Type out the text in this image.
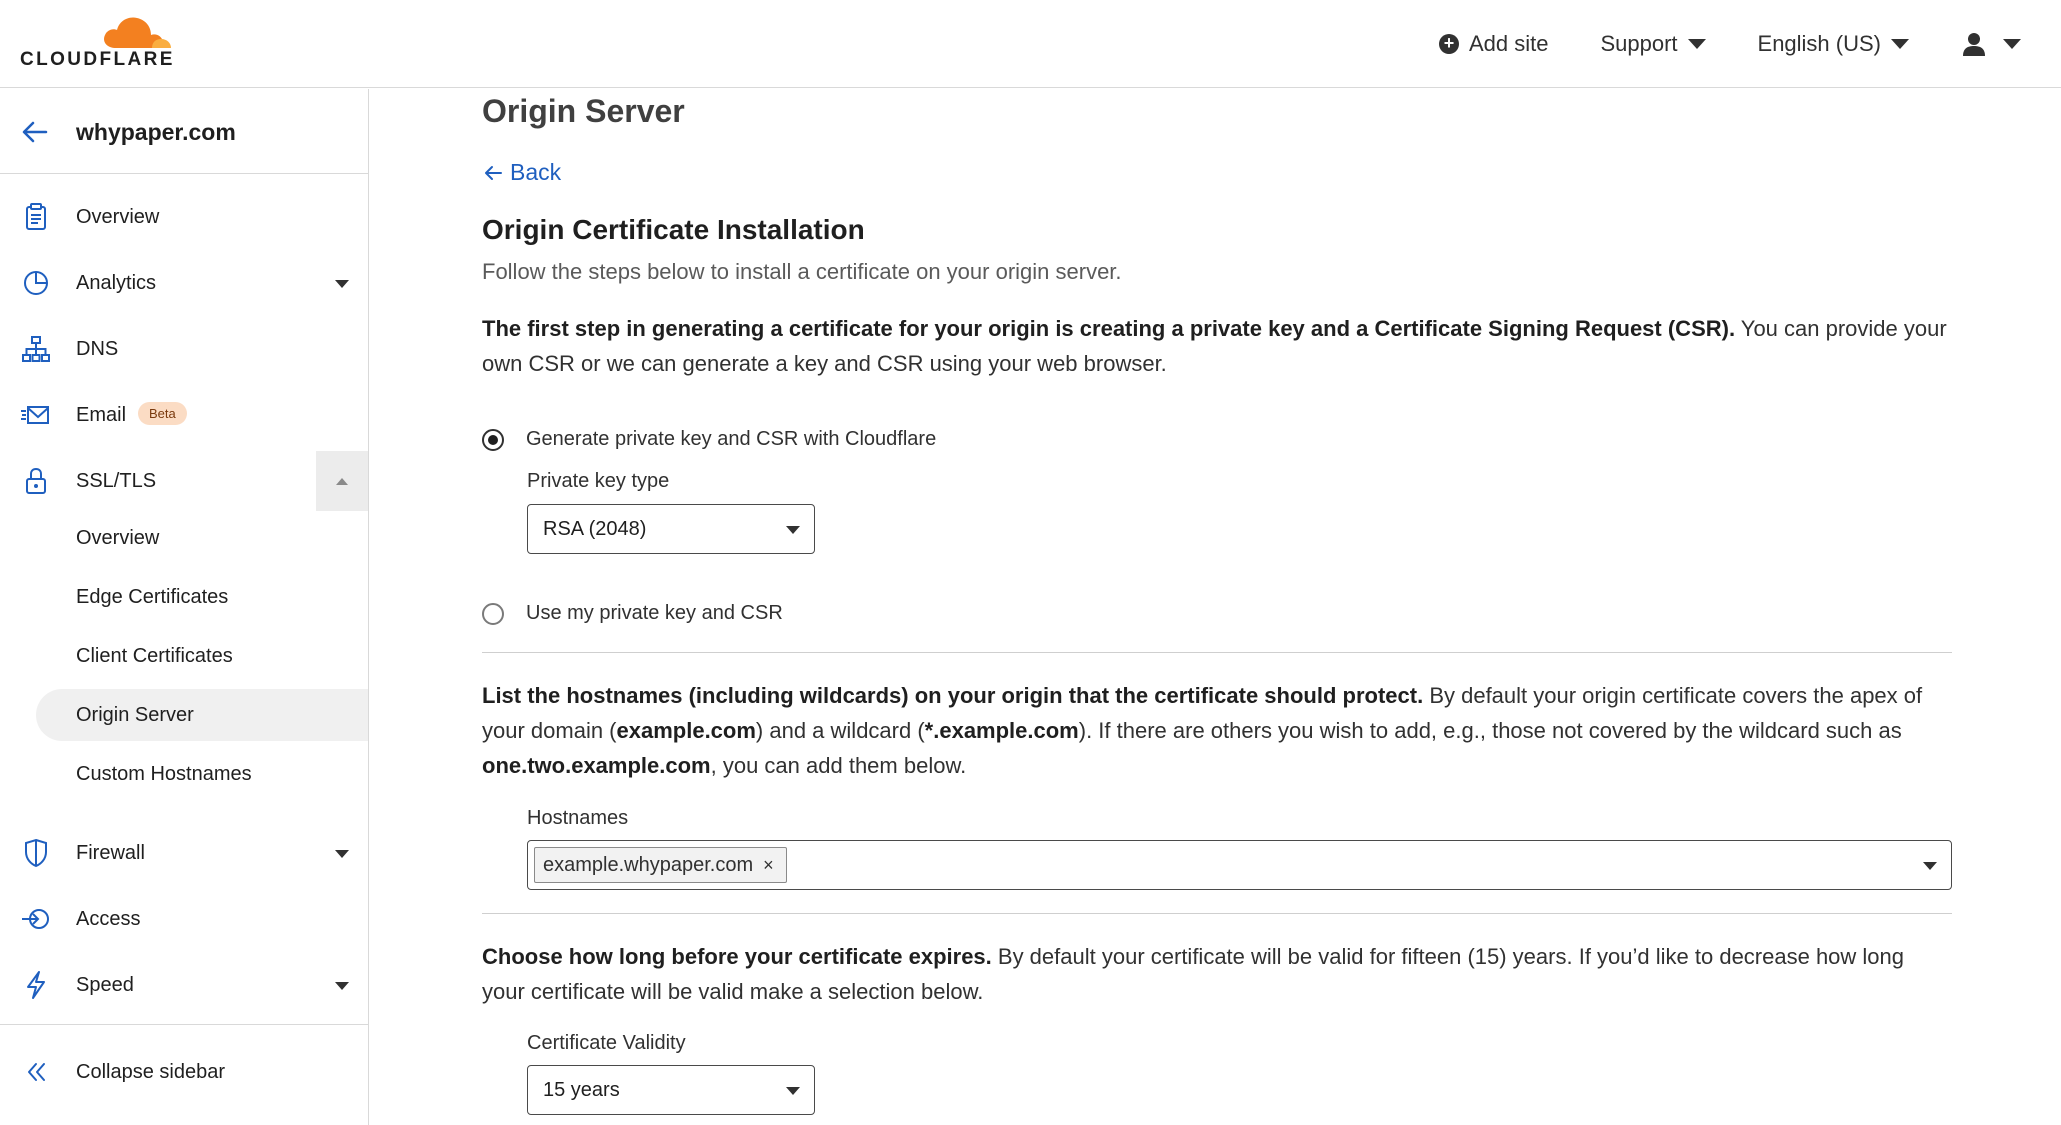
CLOUDFLARE
+ Add site Support	English (US)
whypaper.com
Overview
Analytics
DNS
Email	Beta
SSL/TLS
Overview
Edge Certificates
Client Certificates
Origin Server
Custom Hostnames
Firewall
Access
Speed
Collapse sidebar
Origin Server
Back
Origin Certificate Installation

Follow the steps below to install a certificate on your origin server.

The first step in generating a certificate for your origin is creating a private key and a Certificate Signing Request (CSR). You can provide your own CSR or we can generate a key and CSR using your web browser.

Generate private key and CSR with Cloudflare
Private key type
RSA (2048)
Use my private key and CSR

List the hostnames (including wildcards) on your origin that the certificate should protect. By default your origin certificate covers the apex of your domain (example.com) and a wildcard (*.example.com). If there are others you wish to add, e.g., those not covered by the wildcard such as one.two.example.com, you can add them below.

Hostnames
example.whypaper.com ×

Choose how long before your certificate expires. By default your certificate will be valid for fifteen (15) years. If you’d like to decrease how long your certificate will be valid make a selection below.

Certificate Validity
15 years
